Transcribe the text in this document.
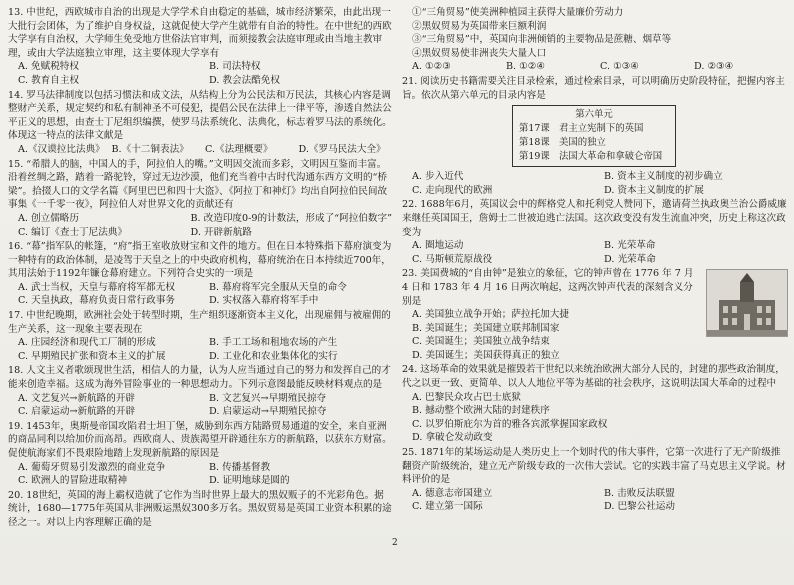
13. 中世纪，西欧城市自治的出现是大学学术自由稳定的基础，城市经济繁荣，由此出现一大批行会团体，为了维护自身权益，这就促使大学产生就带有自治的特性。在中世纪的西欧大学享有自治权，大学师生免受地方世俗法官审判，而须接教会法庭审理或由当地主教审理，或由大学法庭独立审理，这主要体现大学享有
A. 免赋税特权	B. 司法特权
C. 教育自主权	D. 教会法酷免权
14. 罗马法律制度以包括习惯法和成文法，从结构上分为公民法和万民法，其核心内容是调整财产关系，规定契约和私有制神圣不可侵犯，提倡公民在法律上一律平等，渗透自然法公平正义的思想，由查士丁尼组织编撰，使罗马法系统化、法典化，标志着罗马法的系统化。体现这一特点的法律文献是
A.《汉谟拉比法典》 B.《十二铜表法》	C.《法理概要》	D.《罗马民法大全》
15. “希腊人的脑，中国人的手，阿拉伯人的嘴。”文明因交流而多彩，文明因互鉴而丰富。沿着丝绸之路，踏着一路驼铃，穿过无边沙漠，他们充当着中古时代沟通东西方文明的“桥梁”。拾掇人口的文学名篇《阿里巴巴和四十大盗》、《阿拉丁和神灯》均出自阿拉伯民间故事集《一千零一夜》，阿拉伯人对世界文化的贡献还有
A. 创立儒略历	B. 改造印度0-9的计数法，形成了“阿拉伯数字”
C. 编订《查士丁尼法典》	D. 开辟新航路
16. “幕”指军队的帐篷，“府”指王室收放财宝和文件的地方。但在日本特殊指下幕府演变为一种特有的政治体制，是凌驾于天皇之上的中央政府机构，幕府统治在日本持续近700年，其用法始于1192年镰仓幕府建立。下列符合史实的一项是
A. 武士当权，天皇与幕府将军都无权	B. 幕府将军完全服从天皇的命令
C. 天皇执政，幕府负责日常行政事务	D. 实权落入幕府将军手中
17. 中世纪晚期，欧洲社会处于转型时期，生产组织逐渐资本主义化，出现雇佣与被雇佣的生产关系，这一现象主要表现在
A. 庄园经济和现代工厂制的形成	B. 手工工场和租地农场的产生
C. 早期殖民扩张和资本主义的扩展	D. 工业化和农业集体化的实行
18. 人文主义者歌颂现世生活，相信人的力量，认为人应当通过自己的努力和发挥自己的才能来创造幸福。这成为海外冒险事业的一种思想动力。下列示意图最能反映材料观点的是
A. 文艺复兴→新航路的开辟	B. 文艺复兴→早期殖民掠夺
C. 启蒙运动→新航路的开辟	D. 启蒙运动→早期殖民掠夺
19. 1453年，奥斯曼帝国攻陷君士坦丁堡，威胁到东西方陆路贸易通道的安全，来自亚洲的商品同利以给加价而高昂。西欧商人、贵族渴望开辟通往东方的新航路，以获东方财富。促使航海家们不畏艰险地踏上发现新航路的原因是
A. 葡萄牙贸易引发激烈的商业竞争	B. 传播基督教
C. 欧洲人的冒险进取精神	D. 证明地球是圆的
20. 18世纪，英国的海上霸权造就了它作为当时世界上最大的黑奴贩子的不光彩角色。据统计，1680—1775年英国从非洲贩运黑奴300多万名。黑奴贸易是英国工业资本积累的途径之一。对以上内容理解正确的是
①“三角贸易”使美洲种植园主获得大量廉价劳动力
②黑奴贸易为英国带来巨额利润
③“三角贸易”中，英国向非洲倾销的主要物品是蔗糖、烟草等
④黑奴贸易使非洲丧失大量人口
A. ①②③	B. ①②④	C. ①③④	D. ②③④
21. 阅读历史书籍需要关注目录检索，通过检索目录，可以明确历史阶段特征，把握内容主旨。依次从第六单元的目录内容是
第六单元
第17课　君主立宪制下的英国
第18课　美国的独立
第19课　法国大革命和拿破仑帝国
A. 步入近代	B. 资本主义制度的初步确立
C. 走向现代的欧洲	D. 资本主义制度的扩展
22. 1688年6月，英国议会中的辉格党人和托利党人赞同下，邀请荷兰执政奥兰治公爵威廉来继任英国国王，詹姆士二世被迫逃亡法国。这次政变没有发生流血冲突，历史上称这次政变为
A. 圈地运动	B. 光荣革命
C. 马斯顿荒原战役	D. 光荣革命
23. 美国费城的“自由钟”是独立的象征，它的钟声曾在 1776 年 7 月 4 日和 1783 年 4 月 16 日两次响起，这两次钟声代表的深刻含义分别是
A. 美国独立战争开始；萨拉托加大捷
B. 美国诞生；美国建立联邦制国家
C. 美国诞生；美国独立战争结束
D. 美国诞生；美国获得真正的独立
24. 这场革命的效果就是摧毁若干世纪以来统治欧洲大部分人民的，封建的那些政治制度，代之以更一致、更简单、以人人地位平等为基础的社会秩序，这说明法国大革命的过程中
A. 巴黎民众攻占巴士底狱
B. 撼动整个欧洲大陆的封建秩序
C. 以罗伯斯庇尔为首的雅各宾派掌握国家政权
D. 拿破仑发动政变
25. 1871年的某场运动是人类历史上一个划时代的伟大事件，它第一次进行了无产阶级推翻资产阶级统治，建立无产阶级专政的一次伟大尝试。它的实践丰富了马克思主义学说。材料评价的是
A. 德意志帝国建立	B. 击败反法联盟
C. 建立第一国际	D. 巴黎公社运动
2
